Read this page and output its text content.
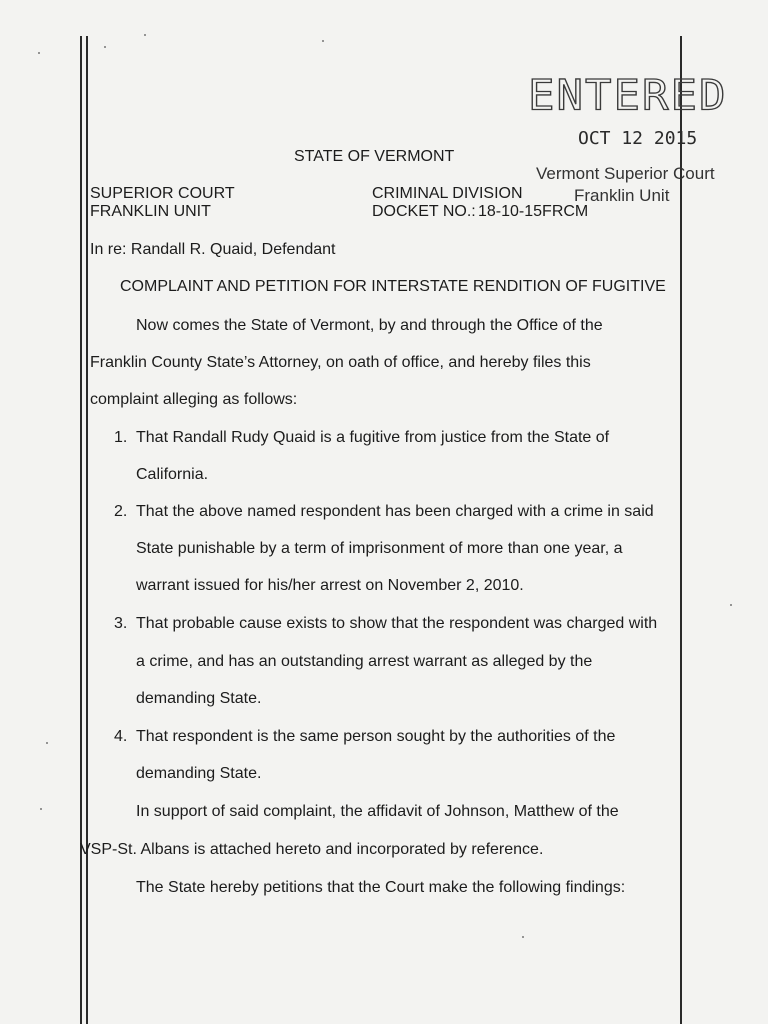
ENTERED
OCT 12 2015
Vermont Superior Court
Franklin Unit
STATE OF VERMONT
SUPERIOR COURT
FRANKLIN UNIT
CRIMINAL DIVISION
DOCKET NO.: 18-10-15FRCM
In re: Randall R. Quaid, Defendant
COMPLAINT AND PETITION FOR INTERSTATE RENDITION OF FUGITIVE
Now comes the State of Vermont, by and through the Office of the
Franklin County State’s Attorney, on oath of office, and hereby files this
complaint alleging as follows:
1. That Randall Rudy Quaid is a fugitive from justice from the State of
California.
2. That the above named respondent has been charged with a crime in said
State punishable by a term of imprisonment of more than one year, a
warrant issued for his/her arrest on November 2, 2010.
3. That probable cause exists to show that the respondent was charged with
a crime, and has an outstanding arrest warrant as alleged by the
demanding State.
4. That respondent is the same person sought by the authorities of the
demanding State.
In support of said complaint, the affidavit of Johnson, Matthew of the
VSP-St. Albans is attached hereto and incorporated by reference.
The State hereby petitions that the Court make the following findings:
